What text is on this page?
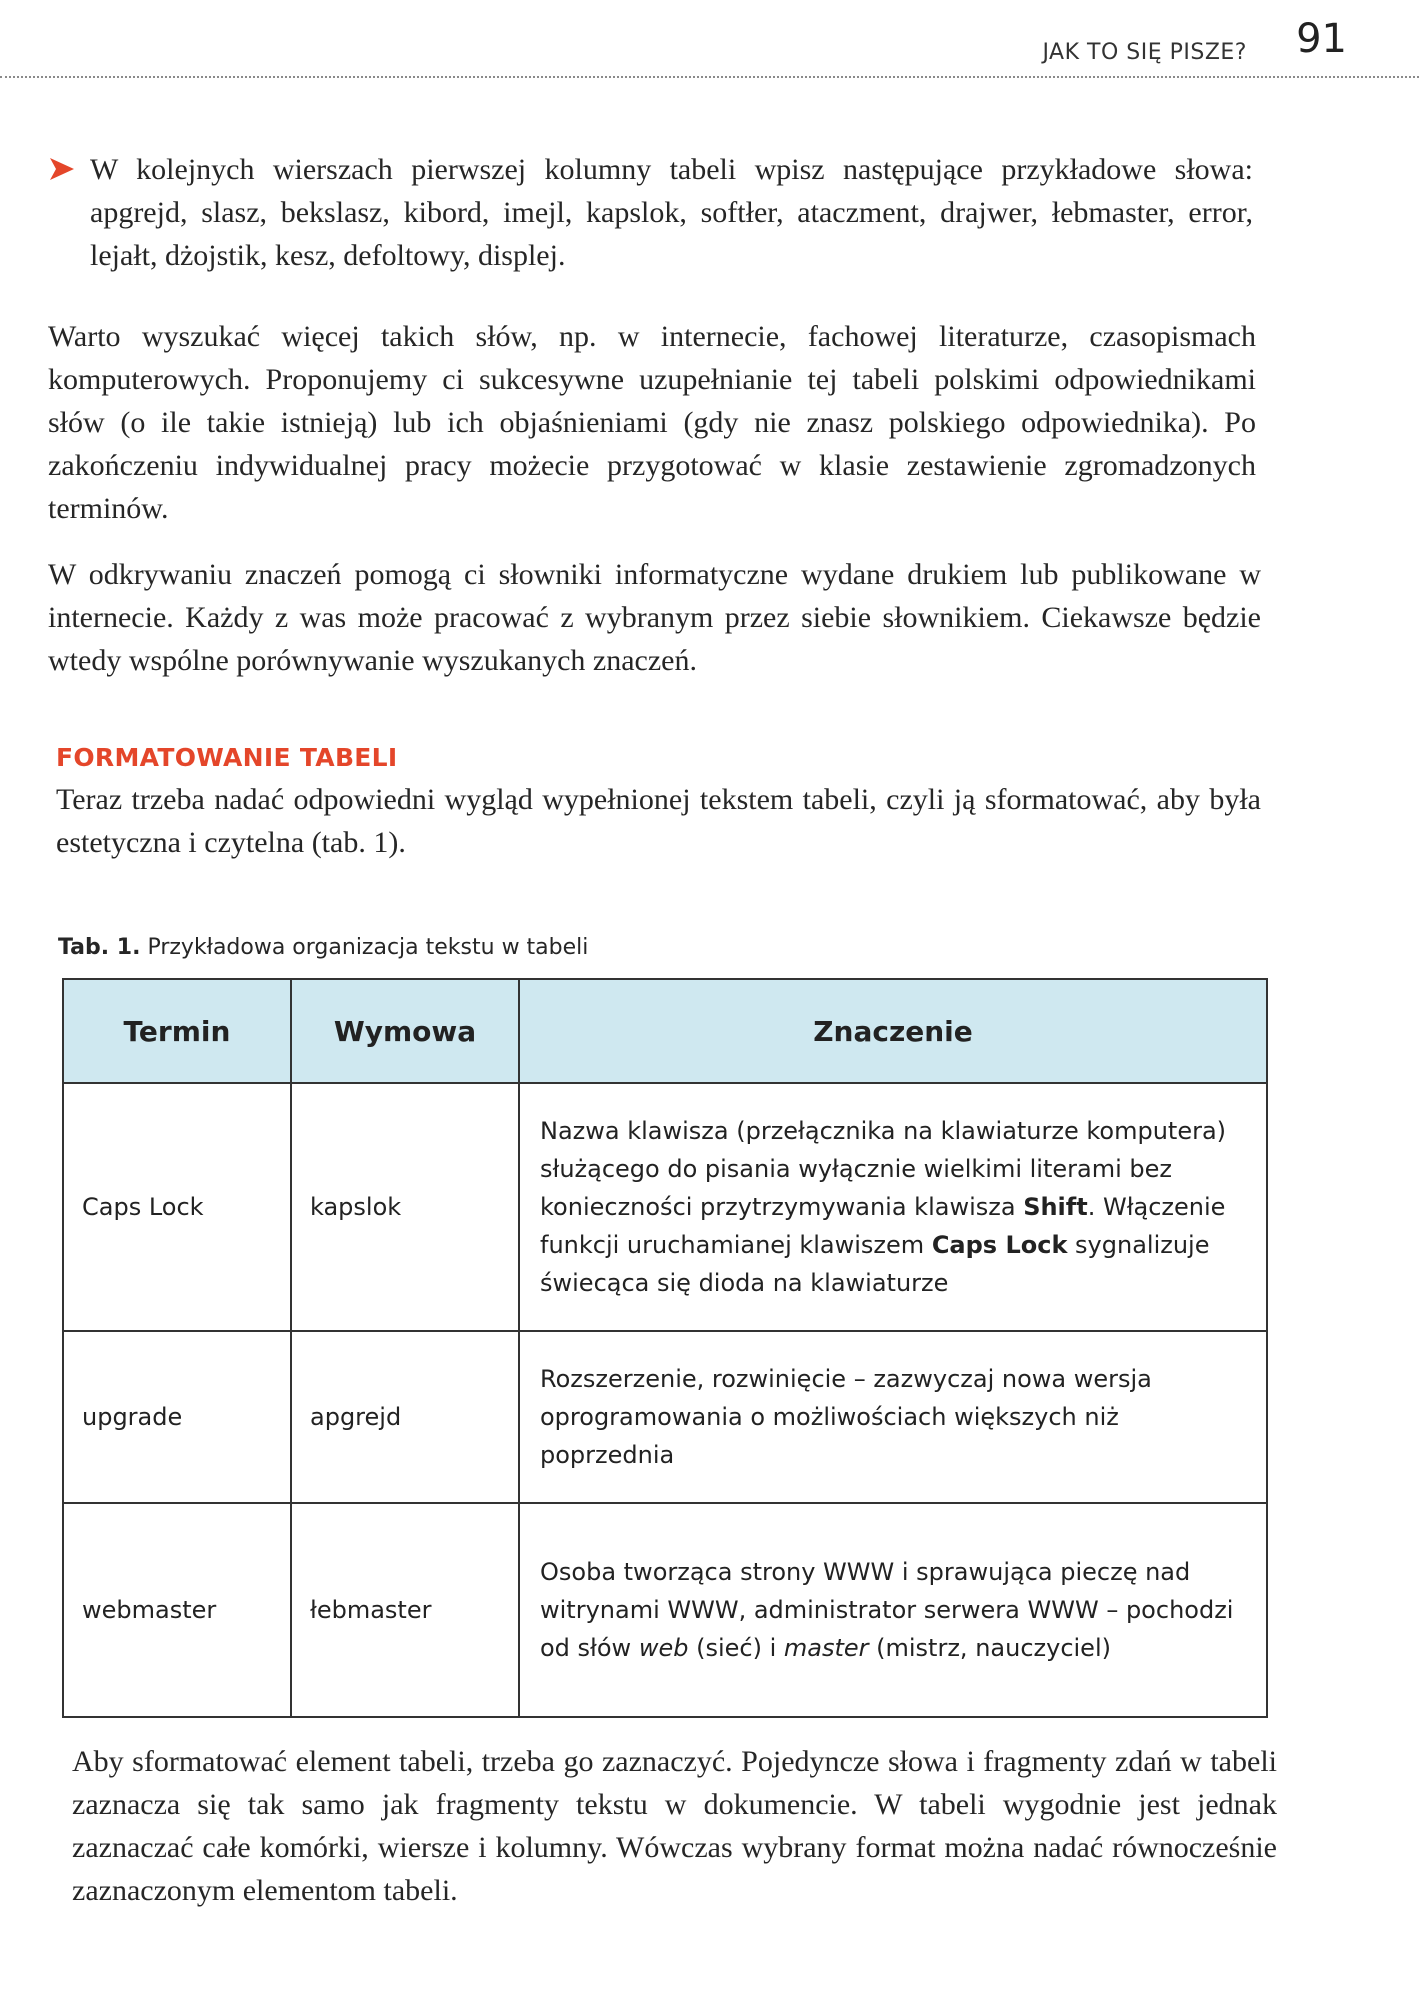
JAK TO SIĘ PISZE? 91

W kolejnych wierszach pierwszej kolumny tabeli wpisz następujące przykładowe słowa: apgrejd, slasz, bekslasz, kibord, imejl, kapslok, softłer, ataczment, drajwer, łebmaster, error, lejałt, dżojstik, kesz, defoltowy, displej.

Warto wyszukać więcej takich słów, np. w internecie, fachowej literaturze, czasopismach komputerowych. Proponujemy ci sukcesywne uzupełnianie tej tabeli polskimi odpowiednikami słów (o ile takie istnieją) lub ich objaśnieniami (gdy nie znasz polskiego odpowiednika). Po zakończeniu indywidualnej pracy możecie przygotować w klasie zestawienie zgromadzonych terminów.

W odkrywaniu znaczeń pomogą ci słowniki informatyczne wydane drukiem lub publikowane w internecie. Każdy z was może pracować z wybranym przez siebie słownikiem. Ciekawsze będzie wtedy wspólne porównywanie wyszukanych znaczeń.

FORMATOWANIE TABELI

Teraz trzeba nadać odpowiedni wygląd wypełnionej tekstem tabeli, czyli ją sformatować, aby była estetyczna i czytelna (tab. 1).

Tab. 1. Przykładowa organizacja tekstu w tabeli
Termin	Wymowa	Znaczenie
Caps Lock	kapslok	Nazwa klawisza (przełącznika na klawiaturze komputera) służącego do pisania wyłącznie wielkimi literami bez konieczności przytrzymywania klawisza Shift. Włączenie funkcji uruchamianej klawiszem Caps Lock sygnalizuje świecąca się dioda na klawiaturze
upgrade	apgrejd	Rozszerzenie, rozwinięcie – zazwyczaj nowa wersja oprogramowania o możliwościach większych niż poprzednia
webmaster	łebmaster	Osoba tworząca strony WWW i sprawująca pieczę nad witrynami WWW, administrator serwera WWW – pochodzi od słów web (sieć) i master (mistrz, nauczyciel)

Aby sformatować element tabeli, trzeba go zaznaczyć. Pojedyncze słowa i fragmenty zdań w tabeli zaznacza się tak samo jak fragmenty tekstu w dokumencie. W tabeli wygodnie jest jednak zaznaczać całe komórki, wiersze i kolumny. Wówczas wybrany format można nadać równocześnie zaznaczonym elementom tabeli.
